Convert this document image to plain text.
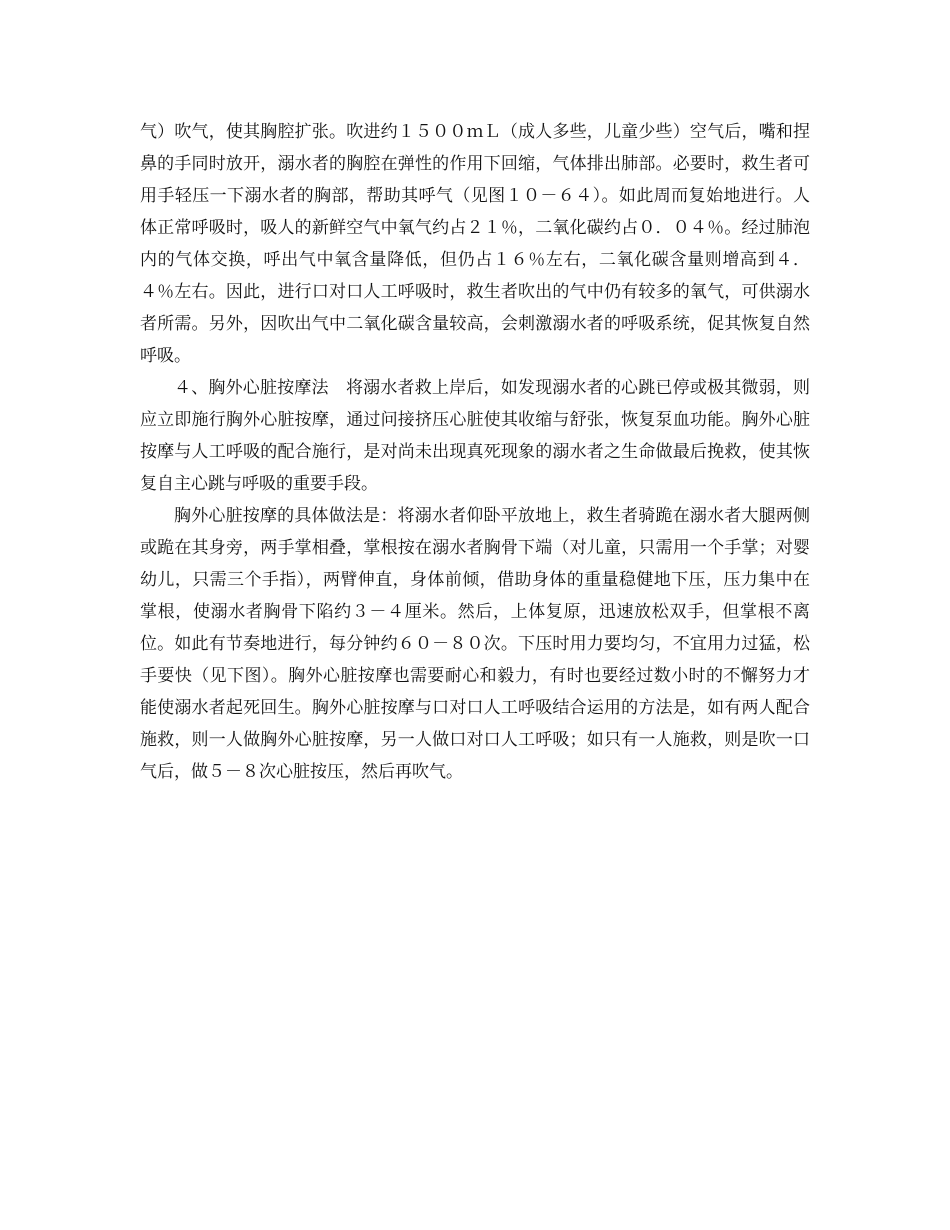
气）吹气，使其胸腔扩张。吹进约１５００ｍＬ（成人多些，儿童少些）空气后，嘴和捏鼻的手同时放开，溺水者的胸腔在弹性的作用下回缩，气体排出肺部。必要时，救生者可用手轻压一下溺水者的胸部，帮助其呼气（见图１０－６４）。如此周而复始地进行。人体正常呼吸时，吸人的新鲜空气中氧气约占２１％，二氧化碳约占０．０４％。经过肺泡内的气体交换，呼出气中氧含量降低，但仍占１６％左右，二氧化碳含量则增高到４．４％左右。因此，进行口对口人工呼吸时，救生者吹出的气中仍有较多的氧气，可供溺水者所需。另外，因吹出气中二氧化碳含量较高，会刺激溺水者的呼吸系统，促其恢复自然呼吸。

４、胸外心脏按摩法　将溺水者救上岸后，如发现溺水者的心跳已停或极其微弱，则应立即施行胸外心脏按摩，通过问接挤压心脏使其收缩与舒张，恢复泵血功能。胸外心脏按摩与人工呼吸的配合施行，是对尚未出现真死现象的溺水者之生命做最后挽救，使其恢复自主心跳与呼吸的重要手段。

胸外心脏按摩的具体做法是：将溺水者仰卧平放地上，救生者骑跪在溺水者大腿两侧或跪在其身旁，两手掌相叠，掌根按在溺水者胸骨下端（对儿童，只需用一个手掌；对婴幼儿，只需三个手指），两臂伸直，身体前倾，借助身体的重量稳健地下压，压力集中在掌根，使溺水者胸骨下陷约３－４厘米。然后，上体复原，迅速放松双手，但掌根不离位。如此有节奏地进行，每分钟约６０－８０次。下压时用力要均匀，不宜用力过猛，松手要快（见下图）。胸外心脏按摩也需要耐心和毅力，有时也要经过数小时的不懈努力才能使溺水者起死回生。胸外心脏按摩与口对口人工呼吸结合运用的方法是，如有两人配合施救，则一人做胸外心脏按摩，另一人做口对口人工呼吸；如只有一人施救，则是吹一口气后，做５－８次心脏按压，然后再吹气。
